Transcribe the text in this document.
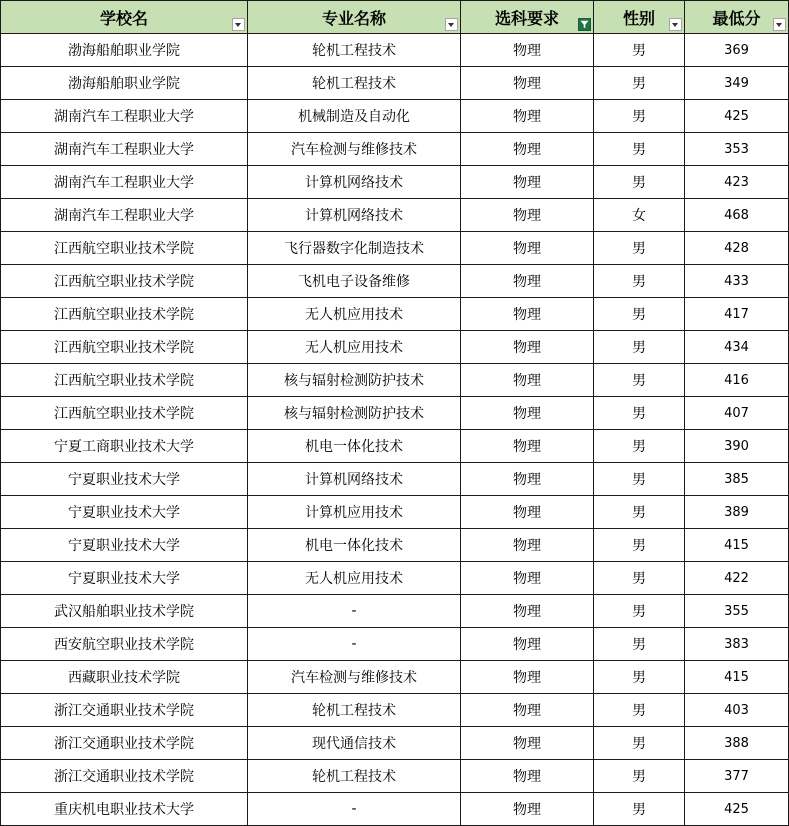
学校名	专业名称	选科要求	性别	最低分

渤海船舶职业学院	轮机工程技术	物理	男	369
渤海船舶职业学院	轮机工程技术	物理	男	349
湖南汽车工程职业大学	机械制造及自动化	物理	男	425
湖南汽车工程职业大学	汽车检测与维修技术	物理	男	353
湖南汽车工程职业大学	计算机网络技术	物理	男	423
湖南汽车工程职业大学	计算机网络技术	物理	女	468
江西航空职业技术学院	飞行器数字化制造技术	物理	男	428
江西航空职业技术学院	飞机电子设备维修	物理	男	433
江西航空职业技术学院	无人机应用技术	物理	男	417
江西航空职业技术学院	无人机应用技术	物理	男	434
江西航空职业技术学院	核与辐射检测防护技术	物理	男	416
江西航空职业技术学院	核与辐射检测防护技术	物理	男	407
宁夏工商职业技术大学	机电一体化技术	物理	男	390
宁夏职业技术大学	计算机网络技术	物理	男	385
宁夏职业技术大学	计算机应用技术	物理	男	389
宁夏职业技术大学	机电一体化技术	物理	男	415
宁夏职业技术大学	无人机应用技术	物理	男	422
武汉船舶职业技术学院	-	物理	男	355
西安航空职业技术学院	-	物理	男	383
西藏职业技术学院	汽车检测与维修技术	物理	男	415
浙江交通职业技术学院	轮机工程技术	物理	男	403
浙江交通职业技术学院	现代通信技术	物理	男	388
浙江交通职业技术学院	轮机工程技术	物理	男	377
重庆机电职业技术大学	-	物理	男	425
